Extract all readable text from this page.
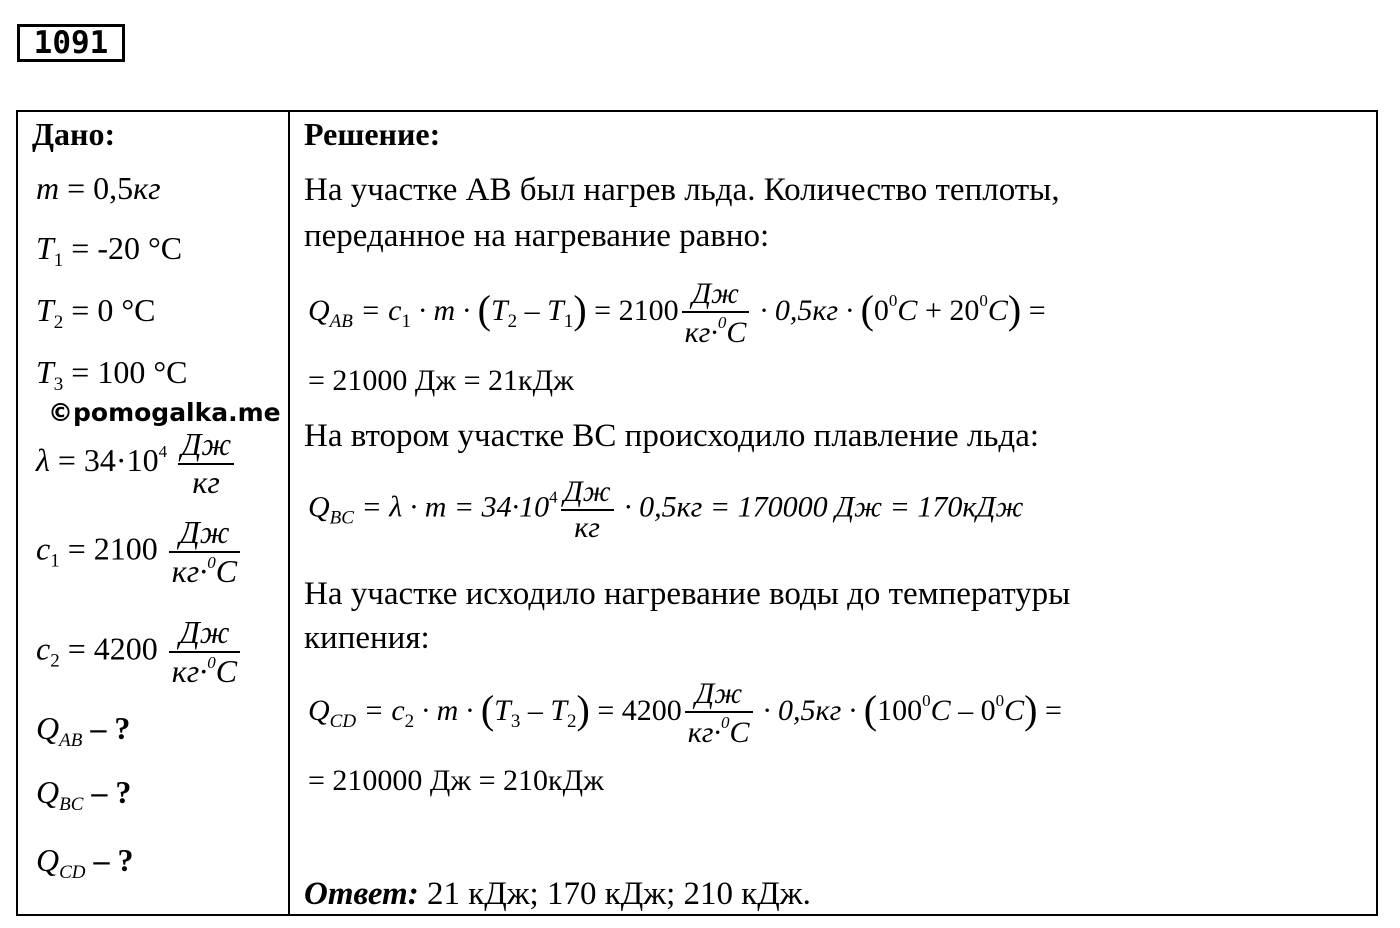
1091
Дано:
m = 0,5кг
$T_1 = -20$ °C
$T_2 = 0$ °C
$T_3 = 100$ °C
©pomogalka.me
$\lambda = 34\cdot 10^4$ Дж
кг
$c_1 = 2100$ Дж
кг·$^0$C
$c_2 = 4200$ Дж
кг·$^0$C
$Q_{AB}$ – ?
$Q_{BC}$ – ?
$Q_{CD}$ – ?
Решение:
На участке АВ был нагрев льда. Количество теплоты,
переданное на нагревание равно:
$Q_{AB} = c_1 \cdot m \cdot (T_2 - T_1) = 2100$
Дж
кг·$^0$C
· $0,5кг \cdot (0^0C + 20^0C)$ =
= 21000 Дж = 21кДж
На втором участке ВС происходило плавление льда:
$Q_{BC} = \lambda \cdot m = 34\cdot 10^4$ Дж
кг
· 0,5кг = 170000 Дж = 170кДж
На участке исходило нагревание воды до температуры
кипения:
$Q_{CD} = c_2 \cdot m \cdot (T_3 - T_2) = 4200$
Дж
кг·$^0$C
· $0,5кг \cdot (100^0C - 0^0C)$ =
= 210000 Дж = 210кДж
Ответ: 21 кДж; 170 кДж; 210 кДж.
